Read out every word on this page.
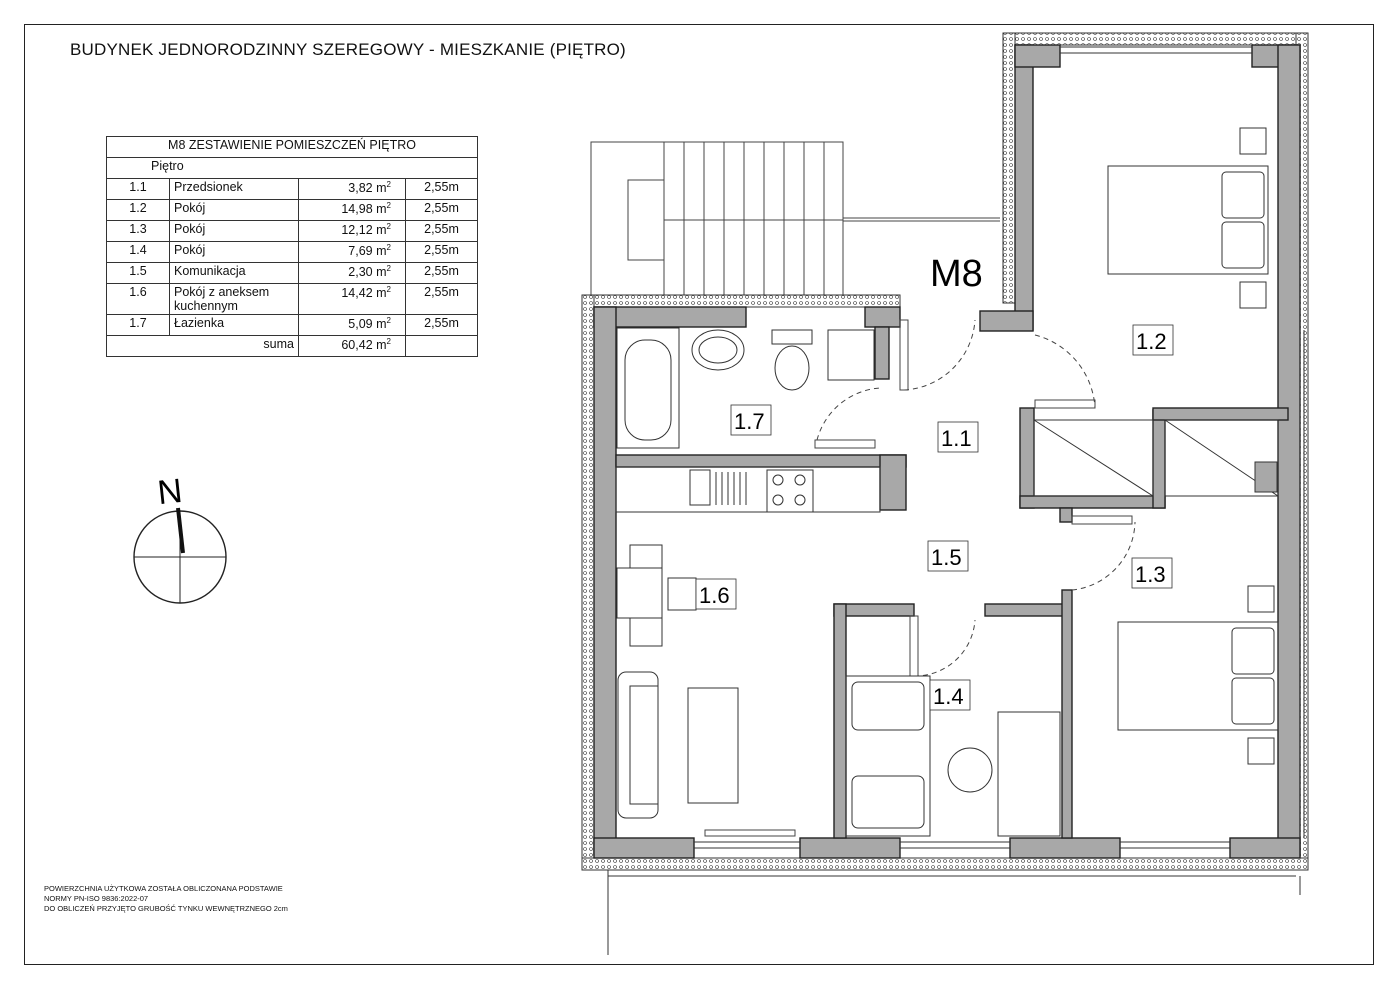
BUDYNEK JEDNORODZINNY SZEREGOWY - MIESZKANIE (PIĘTRO)
M8 ZESTAWIENIE POMIESZCZEŃ PIĘTRO			
Piętro			
1.1	Przedsionek	3,82 $m^2$	2,55m
1.2	Pokój	14,98 $m^2$	2,55m
1.3	Pokój	12,12 $m^2$	2,55m
1.4	Pokój	7,69 $m^2$	2,55m
1.5	Komunikacja	2,30 $m^2$	2,55m
1.6	Pokój z aneksem kuchennym	14,42 $m^2$	2,55m
1.7	Łazienka	5,09 $m^2$	2,55m
	suma	60,42 $m^2$	
POWIERZCHNIA UŻYTKOWA ZOSTAŁA OBLICZONANA PODSTAWIE
NORMY PN-ISO 9836:2022-07
DO OBLICZEŃ PRZYJĘTO GRUBOŚĆ TYNKU WEWNĘTRZNEGO 2cm
N
M8
1.2
1.7
1.1
1.5
1.3
1.6
1.4
